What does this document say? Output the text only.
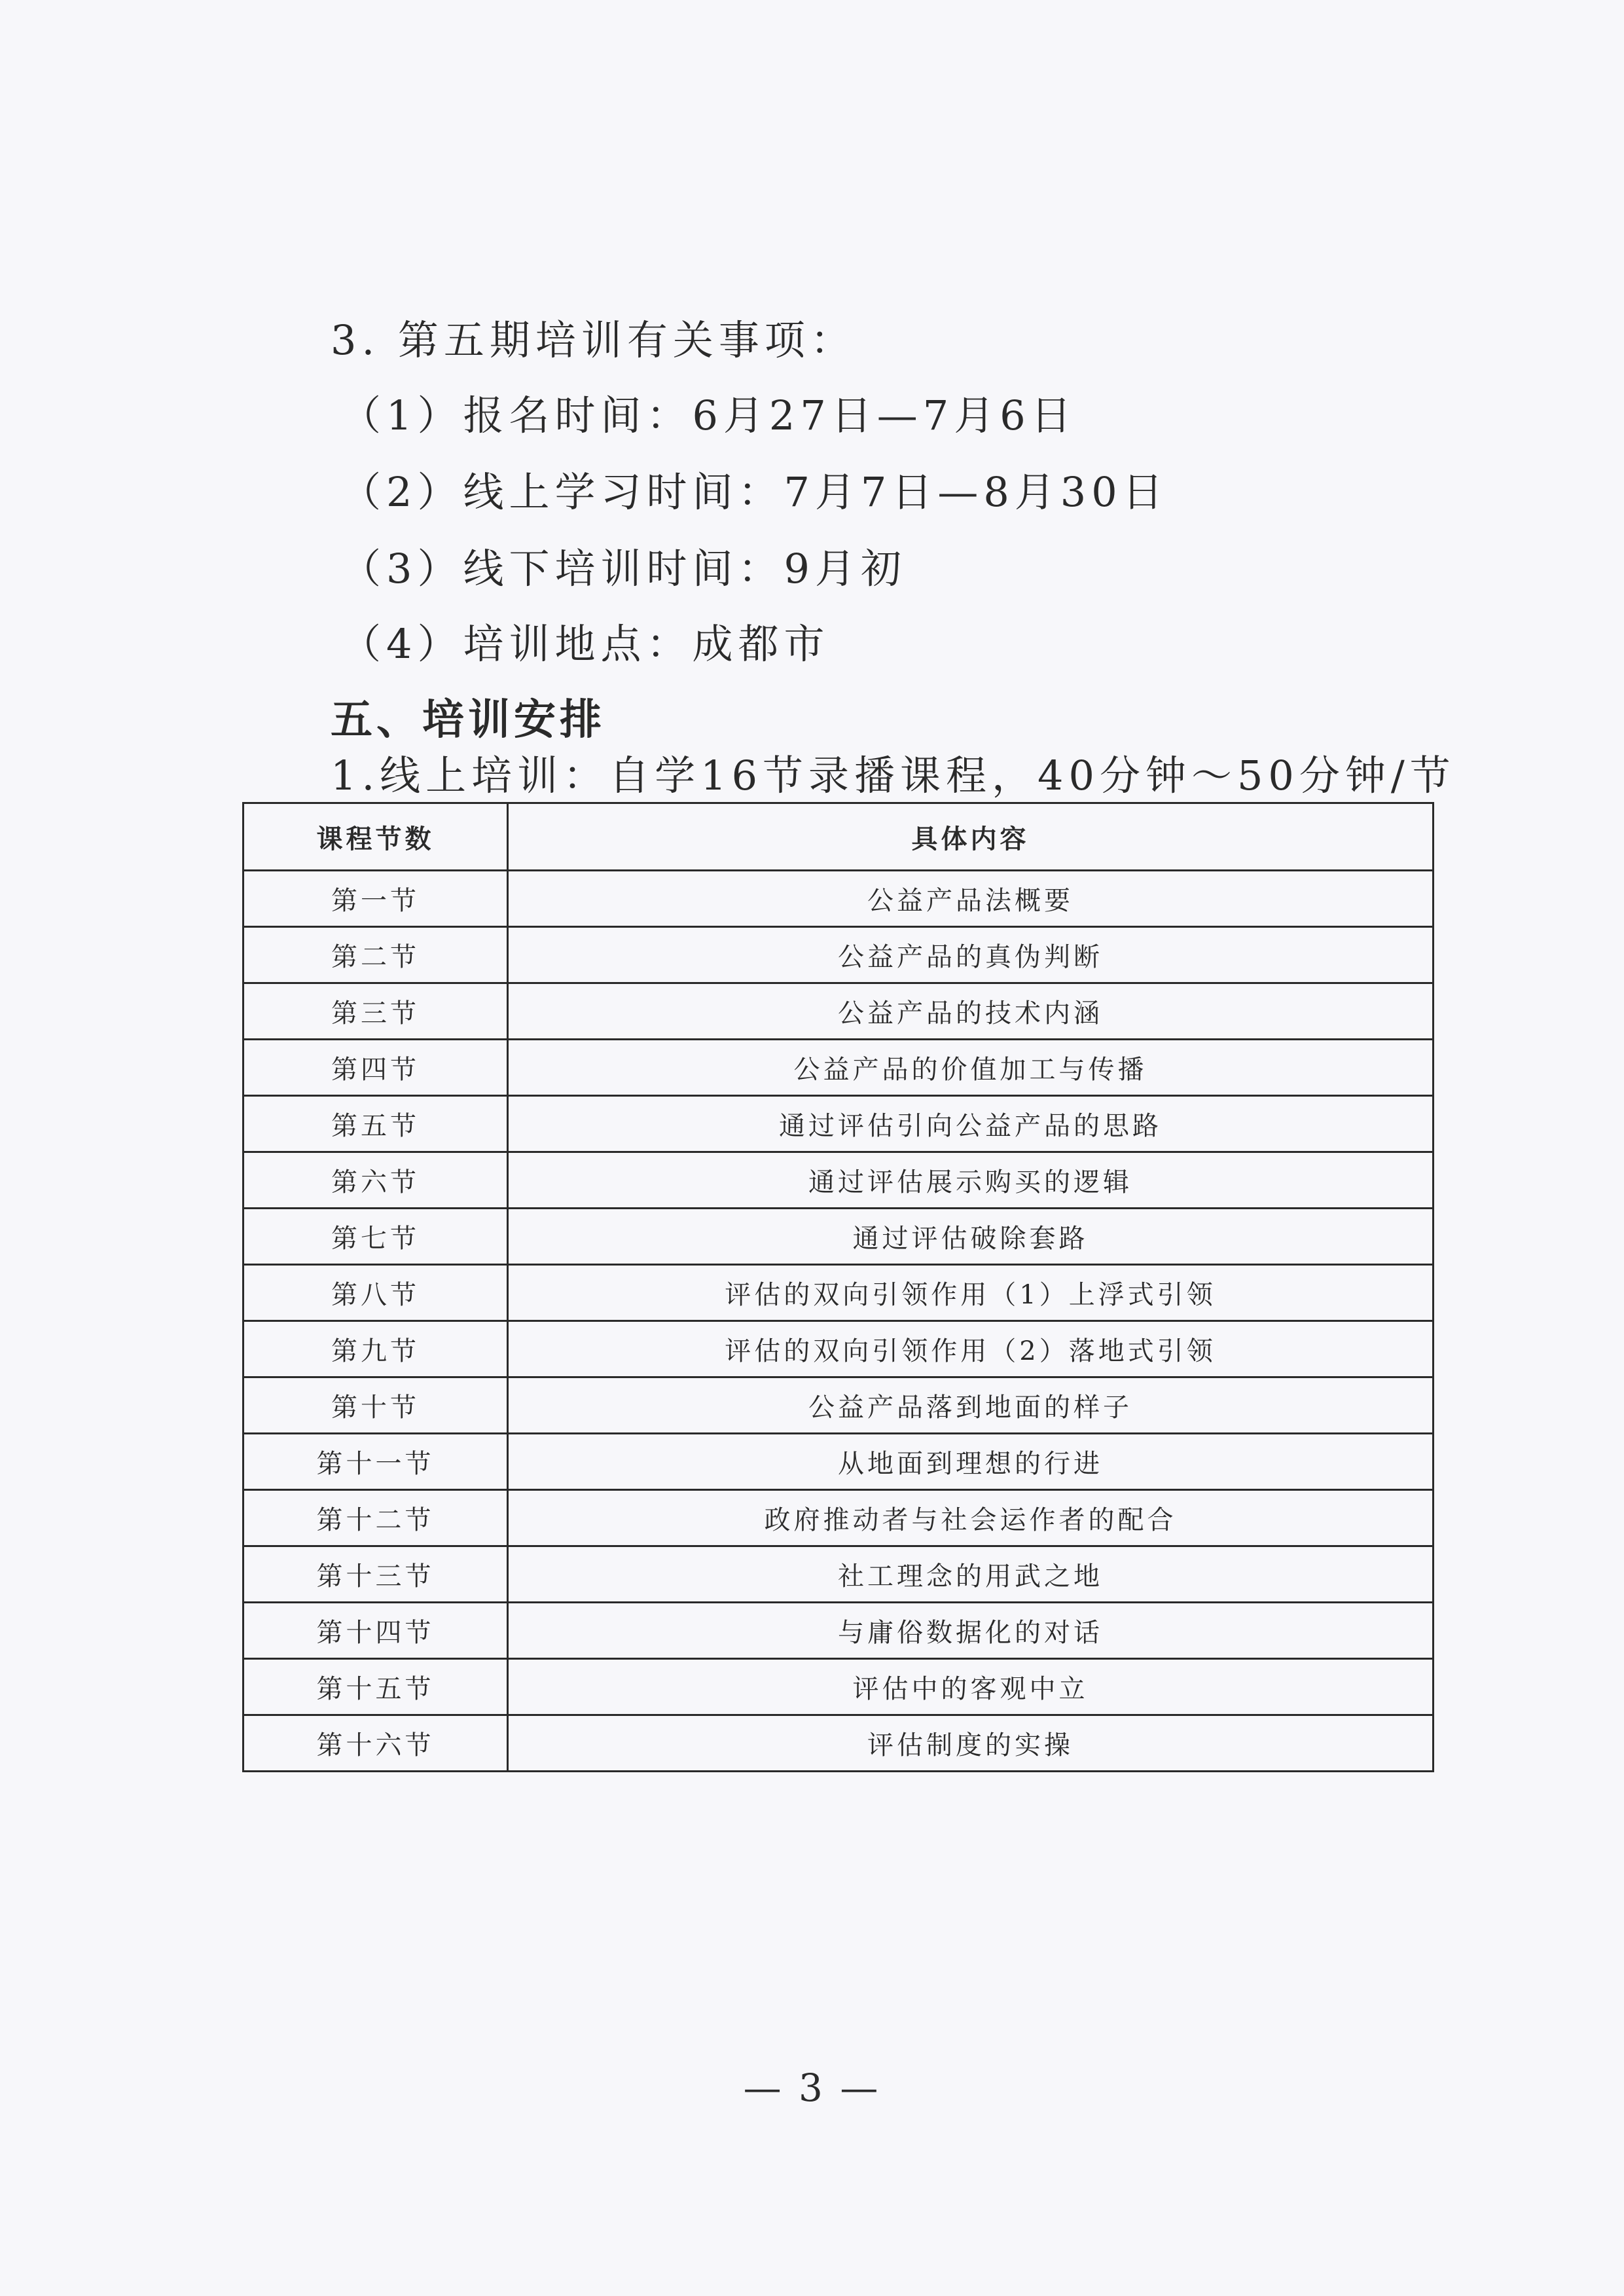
3. 第五期培训有关事项：
（1）报名时间：6月27日—7月6日
（2）线上学习时间：7月7日—8月30日
（3）线下培训时间：9月初
（4）培训地点：成都市
五、培训安排
1.线上培训：自学16节录播课程，40分钟～50分钟/节
课程节数	具体内容
第一节	公益产品法概要
第二节	公益产品的真伪判断
第三节	公益产品的技术内涵
第四节	公益产品的价值加工与传播
第五节	通过评估引向公益产品的思路
第六节	通过评估展示购买的逻辑
第七节	通过评估破除套路
第八节	评估的双向引领作用（1）上浮式引领
第九节	评估的双向引领作用（2）落地式引领
第十节	公益产品落到地面的样子
第十一节	从地面到理想的行进
第十二节	政府推动者与社会运作者的配合
第十三节	社工理念的用武之地
第十四节	与庸俗数据化的对话
第十五节	评估中的客观中立
第十六节	评估制度的实操
— 3 —
